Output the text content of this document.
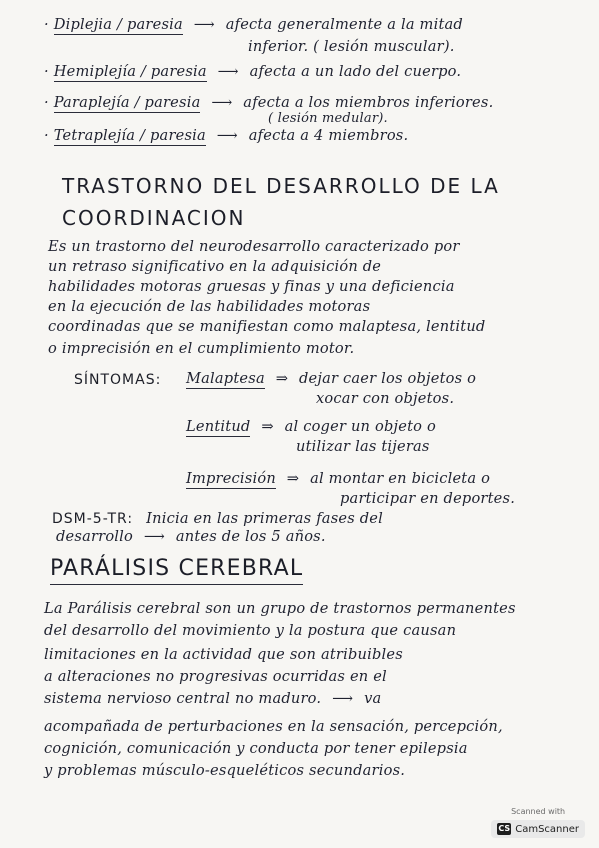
· Diplejia / paresia ⟶ afecta generalmente a la mitad
inferior. ( lesión muscular).
· Hemiplejía / paresia ⟶ afecta a un lado del cuerpo.
· Paraplejía / paresia ⟶ afecta a los miembros inferiores.
( lesión medular).
· Tetraplejía / paresia ⟶ afecta a 4 miembros.
TRASTORNO DEL DESARROLLO DE LA
COORDINACION
Es un trastorno del neurodesarrollo caracterizado por
un retraso significativo en la adquisición de
habilidades motoras gruesas y finas y una deficiencia
en la ejecución de las habilidades motoras
coordinadas que se manifiestan como malaptesa, lentitud
o imprecisión en el cumplimiento motor.
SÍNTOMAS: Malaptesa ⇒ dejar caer los objetos o
xocar con objetos.
Lentitud ⇒ al coger un objeto o
utilizar las tijeras
Imprecisión ⇒ al montar en bicicleta o
participar en deportes.
DSM-5-TR: Inicia en las primeras fases del
desarrollo ⟶ antes de los 5 años.
PARÁLISIS CEREBRAL
La Parálisis cerebral son un grupo de trastornos permanentes
del desarrollo del movimiento y la postura que causan
limitaciones en la actividad que son atribuibles
a alteraciones no progresivas ocurridas en el
sistema nervioso central no maduro. ⟶ va
acompañada de perturbaciones en la sensación, percepción,
cognición, comunicación y conducta por tener epilepsia
y problemas músculo-esqueléticos secundarios.
Scanned with
CS CamScanner
